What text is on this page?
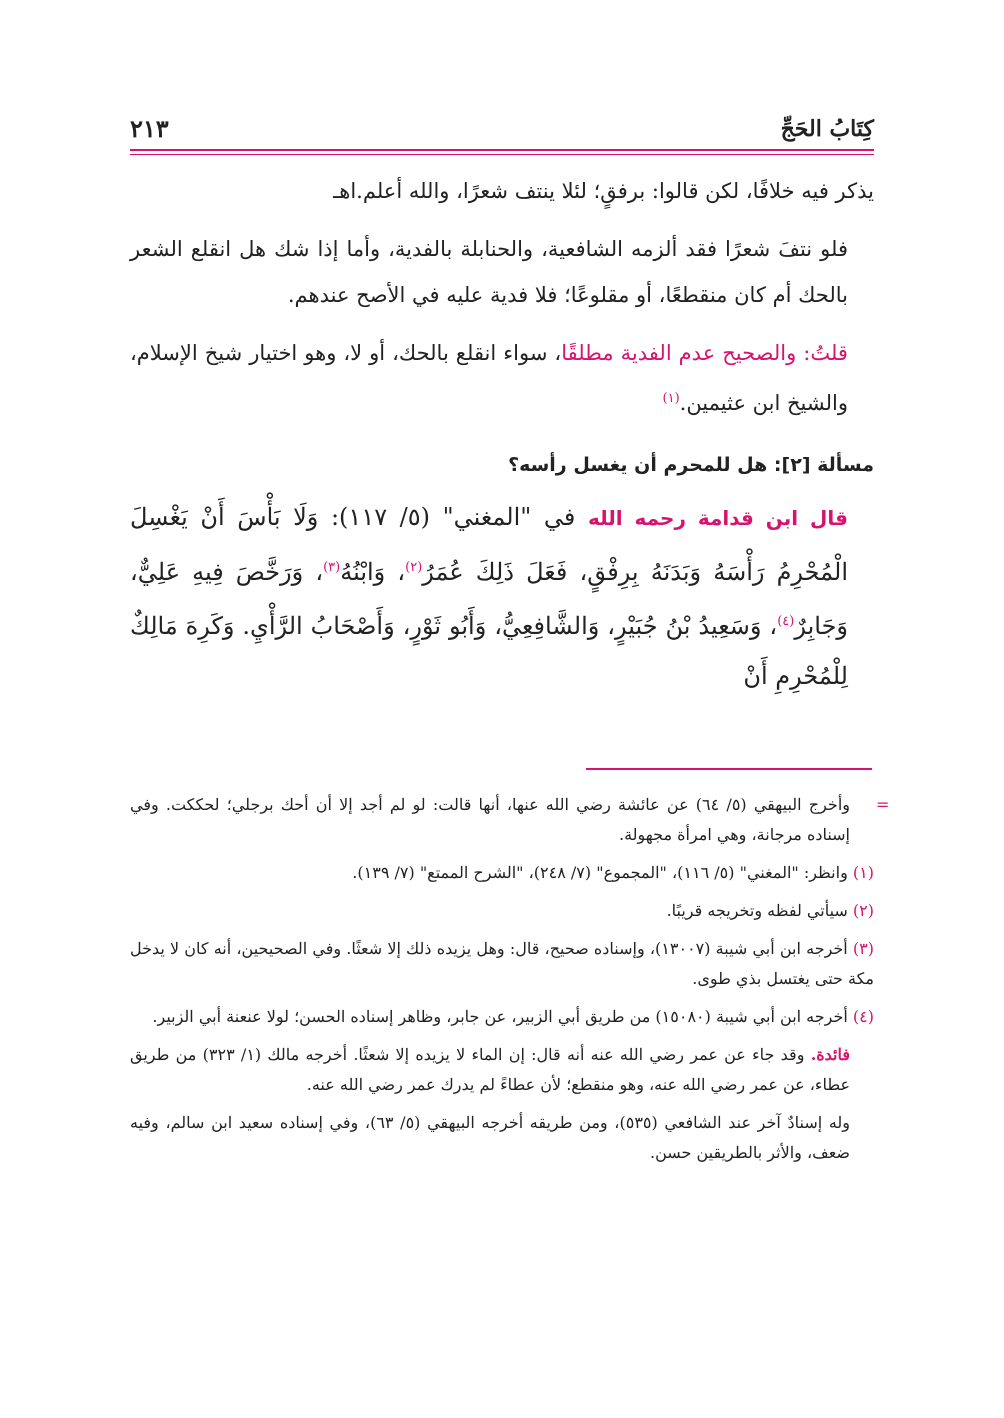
كِتَابُ الحَجِّ
٢١٣

يذكر فيه خلافًا، لكن قالوا: برفقٍ؛ لئلا ينتف شعرًا، والله أعلم.اهـ

فلو نتفَ شعرًا فقد ألزمه الشافعية، والحنابلة بالفدية، وأما إذا شك هل انقلع الشعر بالحك أم كان منقطعًا، أو مقلوعًا؛ فلا فدية عليه في الأصح عندهم.

قلتُ: والصحيح عدم الفدية مطلقًا، سواء انقلع بالحك، أو لا، وهو اختيار شيخ الإسلام، والشيخ ابن عثيمين.$^{(١)}$

مسألة [٢]: هل للمحرم أن يغسل رأسه؟

قال ابن قدامة رحمه الله في "المغني" (٥/ ١١٧): وَلَا بَأْسَ أَنْ يَغْسِلَ الْمُحْرِمُ رَأْسَهُ وَبَدَنَهُ بِرِفْقٍ، فَعَلَ ذَلِكَ عُمَرُ$^{(٢)}$، وَابْنُهُ$^{(٣)}$، وَرَخَّصَ فِيهِ عَلِيٌّ، وَجَابِرٌ$^{(٤)}$، وَسَعِيدُ بْنُ جُبَيْرٍ، وَالشَّافِعِيُّ، وَأَبُو ثَوْرٍ، وَأَصْحَابُ الرَّأْيِ. وَكَرِهَ مَالِكٌ لِلْمُحْرِمِ أَنْ

=

وأخرج البيهقي (٥/ ٦٤) عن عائشة رضي الله عنها، أنها قالت: لو لم أجد إلا أن أحك برجلي؛ لحككت. وفي إسناده مرجانة، وهي امرأة مجهولة.

(١) وانظر: "المغني" (٥/ ١١٦)، "المجموع" (٧/ ٢٤٨)، "الشرح الممتع" (٧/ ١٣٩).

(٢) سيأتي لفظه وتخريجه قريبًا.

(٣) أخرجه ابن أبي شيبة (١٣٠٠٧)، وإسناده صحيح، قال: وهل يزيده ذلك إلا شعثًا. وفي الصحيحين، أنه كان لا يدخل مكة حتى يغتسل بذي طوى.

(٤) أخرجه ابن أبي شيبة (١٥٠٨٠) من طريق أبي الزبير، عن جابر، وظاهر إسناده الحسن؛ لولا عنعنة أبي الزبير.

فائدة. وقد جاء عن عمر رضي الله عنه أنه قال: إن الماء لا يزيده إلا شعثًا. أخرجه مالك (١/ ٣٢٣) من طريق عطاء، عن عمر رضي الله عنه، وهو منقطع؛ لأن عطاءً لم يدرك عمر رضي الله عنه.

وله إسنادٌ آخر عند الشافعي (٥٣٥)، ومن طريقه أخرجه البيهقي (٥/ ٦٣)، وفي إسناده سعيد ابن سالم، وفيه ضعف، والأثر بالطريقين حسن.
